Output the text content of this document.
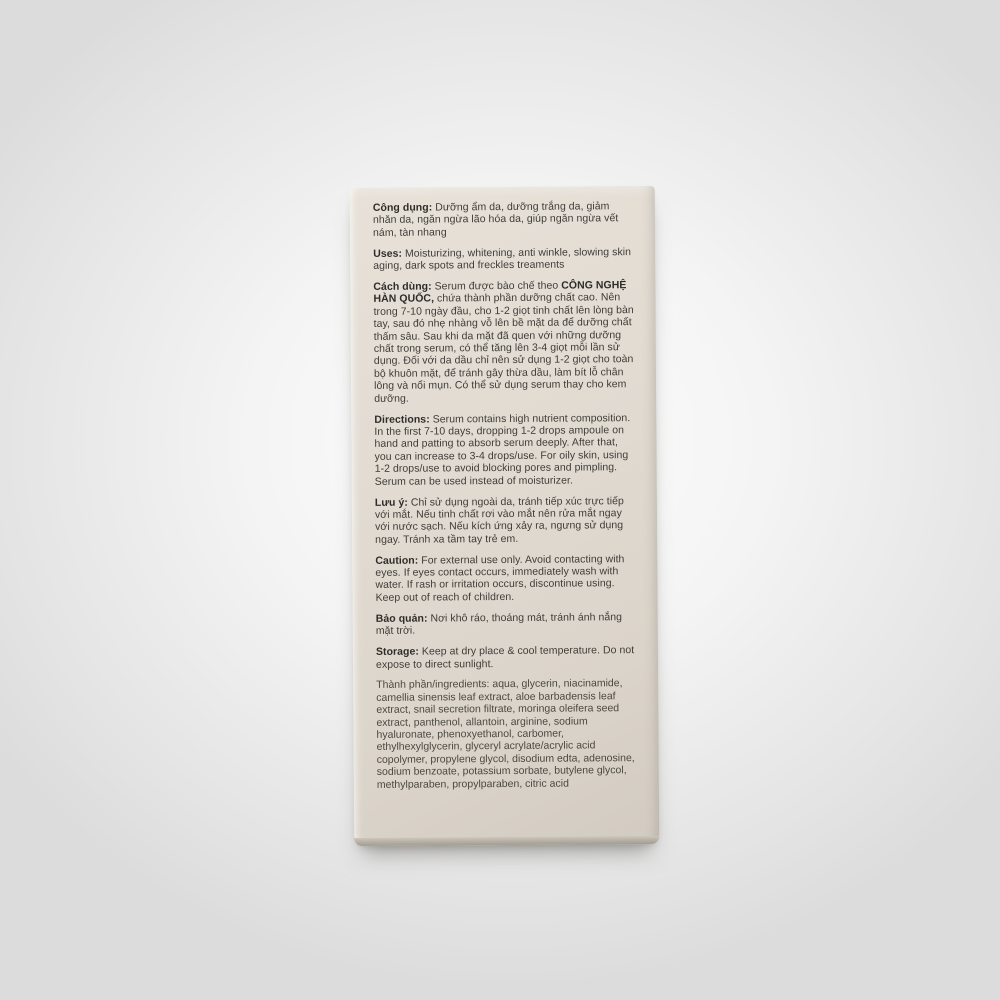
Công dụng: Dưỡng ẩm da, dưỡng trắng da, giảm nhăn da, ngăn ngừa lão hóa da, giúp ngăn ngừa vết nám, tàn nhang

Uses: Moisturizing, whitening, anti winkle, slowing skin aging, dark spots and freckles treaments

Cách dùng: Serum được bào chế theo CÔNG NGHỆ HÀN QUỐC, chứa thành phần dưỡng chất cao. Nên trong 7-10 ngày đầu, cho 1-2 giọt tinh chất lên lòng bàn tay, sau đó nhẹ nhàng vỗ lên bề mặt da để dưỡng chất thấm sâu. Sau khi da mặt đã quen với những dưỡng chất trong serum, có thể tăng lên 3-4 giọt mỗi lần sử dụng. Đối với da dầu chỉ nên sử dụng 1-2 giọt cho toàn bộ khuôn mặt, để tránh gây thừa dầu, làm bít lỗ chân lông và nổi mụn. Có thể sử dụng serum thay cho kem dưỡng.

Directions: Serum contains high nutrient composition. In the first 7-10 days, dropping 1-2 drops ampoule on hand and patting to absorb serum deeply. After that, you can increase to 3-4 drops/use. For oily skin, using 1-2 drops/use to avoid blocking pores and pimpling. Serum can be used instead of moisturizer.

Lưu ý: Chỉ sử dụng ngoài da, tránh tiếp xúc trực tiếp với mắt. Nếu tinh chất rơi vào mắt nên rửa mắt ngay với nước sạch. Nếu kích ứng xảy ra, ngưng sử dụng ngay. Tránh xa tầm tay trẻ em.

Caution: For external use only. Avoid contacting with eyes. If eyes contact occurs, immediately wash with water. If rash or irritation occurs, discontinue using. Keep out of reach of children.

Bảo quản: Nơi khô ráo, thoáng mát, tránh ánh nắng mặt trời.

Storage: Keep at dry place & cool temperature. Do not expose to direct sunlight.

Thành phần/ingredients: aqua, glycerin, niacinamide, camellia sinensis leaf extract, aloe barbadensis leaf extract, snail secretion filtrate, moringa oleifera seed extract, panthenol, allantoin, arginine, sodium hyaluronate, phenoxyethanol, carbomer, ethylhexylglycerin, glyceryl acrylate/acrylic acid copolymer, propylene glycol, disodium edta, adenosine, sodium benzoate, potassium sorbate, butylene glycol, methylparaben, propylparaben, citric acid
